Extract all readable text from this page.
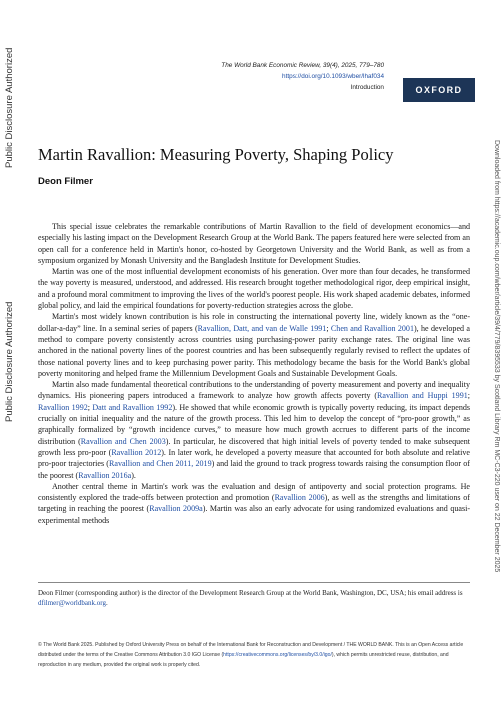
Public Disclosure Authorized
Public Disclosure Authorized	Downloaded from https://academic.oup.com/wber/article/39/4/779/8395533 by Scotland Library Rm MC-C3-220 user on 22 December 2025
The World Bank Economic Review, 39(4), 2025, 779–780
https://doi.org/10.1093/wber/lhaf034
Introduction	OXFORD
Martin Ravallion: Measuring Poverty, Shaping Policy
Deon Filmer

This special issue celebrates the remarkable contributions of Martin Ravallion to the field of development economics—and especially his lasting impact on the Development Research Group at the World Bank. The papers featured here were selected from an open call for a conference held in Martin's honor, co-hosted by Georgetown University and the World Bank, as well as from a symposium organized by Monash University and the Bangladesh Institute for Development Studies.

Martin was one of the most influential development economists of his generation. Over more than four decades, he transformed the way poverty is measured, understood, and addressed. His research brought together methodological rigor, deep empirical insight, and a profound moral commitment to improving the lives of the world's poorest people. His work shaped academic debates, informed global policy, and laid the empirical foundations for poverty-reduction strategies across the globe.

Martin's most widely known contribution is his role in constructing the international poverty line, widely known as the “one-dollar-a-day” line. In a seminal series of papers (Ravallion, Datt, and van de Walle 1991; Chen and Ravallion 2001), he developed a method to compare poverty consistently across countries using purchasing-power parity exchange rates. The original line was anchored in the national poverty lines of the poorest countries and has been subsequently regularly revised to reflect the updates of those national poverty lines and to keep purchasing power parity. This methodology became the basis for the World Bank's global poverty monitoring and helped frame the Millennium Development Goals and Sustainable Development Goals.

Martin also made fundamental theoretical contributions to the understanding of poverty measurement and poverty and inequality dynamics. His pioneering papers introduced a framework to analyze how growth affects poverty (Ravallion and Huppi 1991; Ravallion 1992; Datt and Ravallion 1992). He showed that while economic growth is typically poverty reducing, its impact depends crucially on initial inequality and the nature of the growth process. This led him to develop the concept of “pro-poor growth,” as graphically formalized by “growth incidence curves,” to measure how much growth accrues to different parts of the income distribution (Ravallion and Chen 2003). In particular, he discovered that high initial levels of poverty tended to make subsequent growth less pro-poor (Ravallion 2012). In later work, he developed a poverty measure that accounted for both absolute and relative pro-poor trajectories (Ravallion and Chen 2011, 2019) and laid the ground to track progress towards raising the consumption floor of the poorest (Ravallion 2016a).

Another central theme in Martin's work was the evaluation and design of antipoverty and social protection programs. He consistently explored the trade-offs between protection and promotion (Ravallion 2006), as well as the strengths and limitations of targeting in reaching the poorest (Ravallion 2009a). Martin was also an early advocate for using randomized evaluations and quasi-experimental methods

Deon Filmer (corresponding author) is the director of the Development Research Group at the World Bank, Washington, DC, USA; his email address is dfilmer@worldbank.org.
© The World Bank 2025. Published by Oxford University Press on behalf of the International Bank for Reconstruction and Development / THE WORLD BANK. This is an Open Access article distributed under the terms of the Creative Commons Attribution 3.0 IGO License (https://creativecommons.org/licenses/by/3.0/igo/), which permits unrestricted reuse, distribution, and reproduction in any medium, provided the original work is properly cited.
